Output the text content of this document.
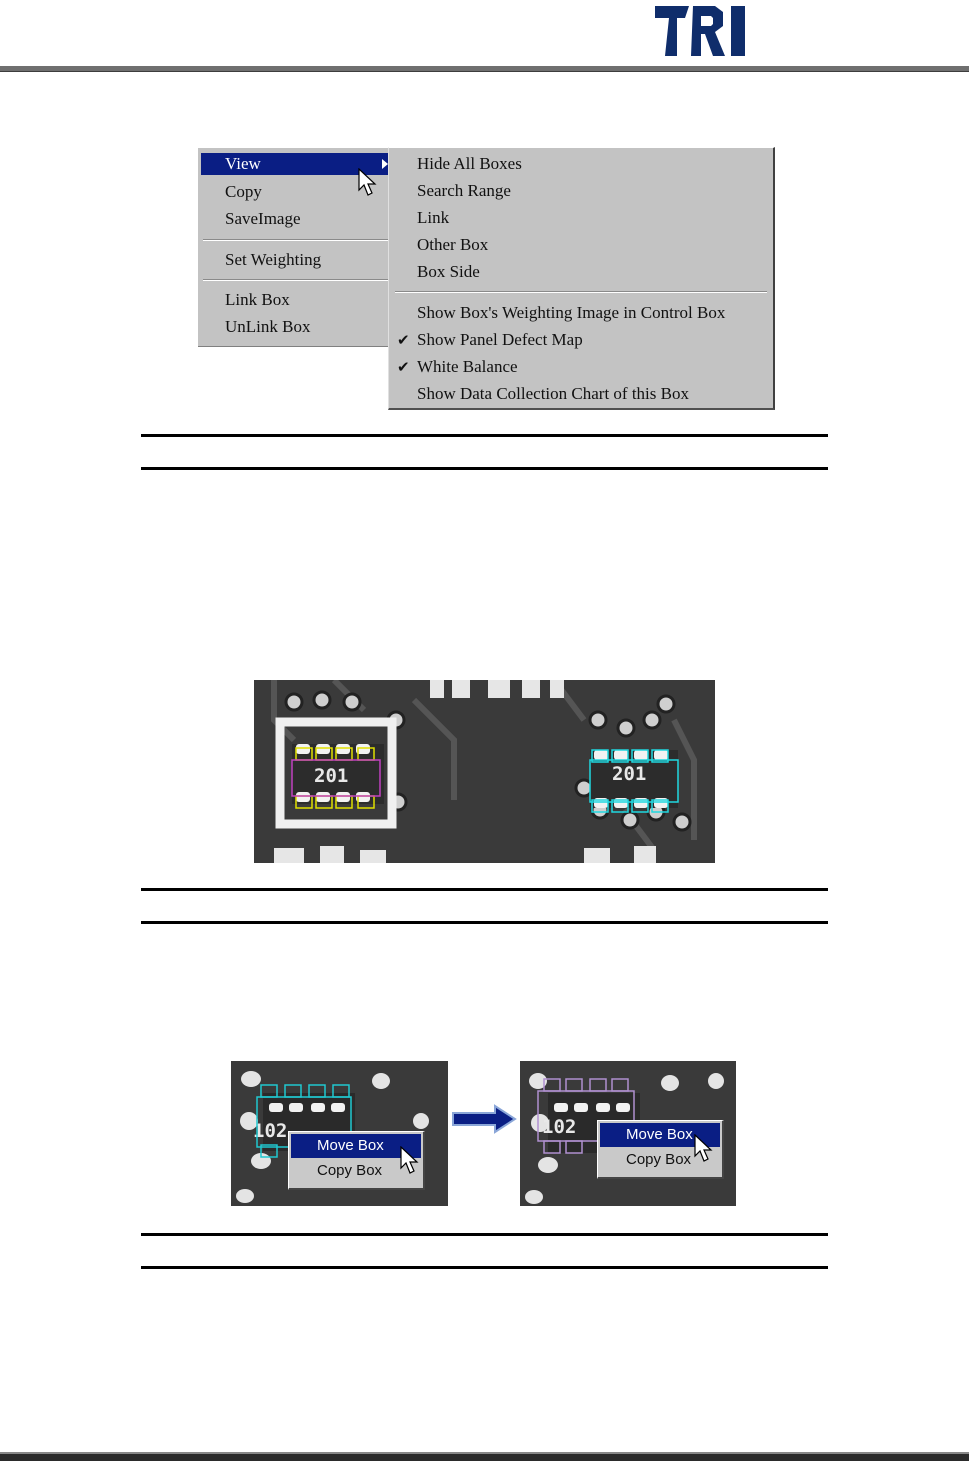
View
Copy
SaveImage
Set Weighting
Link Box
UnLink Box
Hide All Boxes
Search Range
Link
Other Box
Box Side
Show Box's Weighting Image in Control Box
✔ Show Panel Defect Map
✔ White Balance
Show Data Collection Chart of this Box
201	201
102
Move Box
Copy Box
102	Move Box
Copy Box
